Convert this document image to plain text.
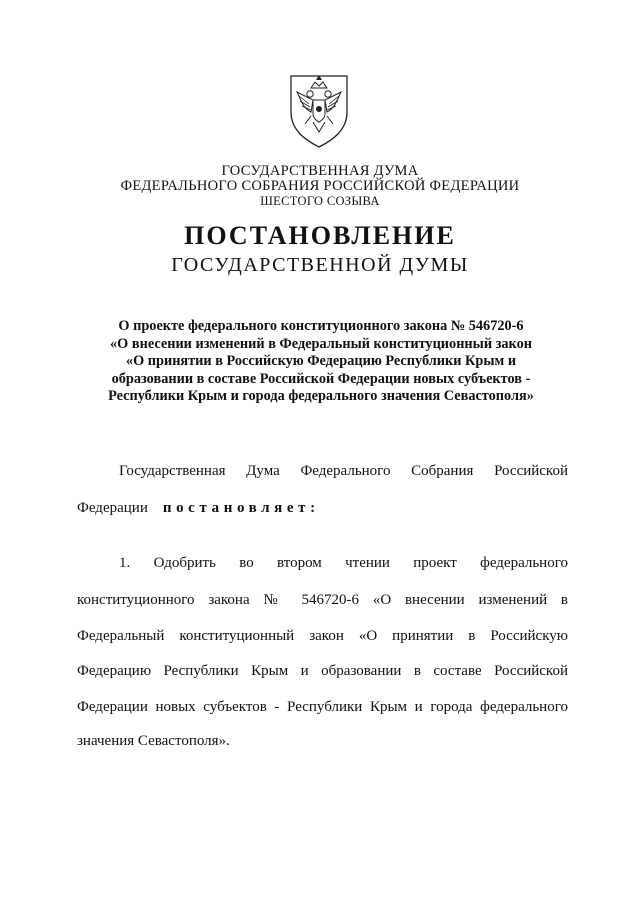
ГОСУДАРСТВЕННАЯ ДУМА
ФЕДЕРАЛЬНОГО СОБРАНИЯ РОССИЙСКОЙ ФЕДЕРАЦИИ
ШЕСТОГО СОЗЫВА
ПОСТАНОВЛЕНИЕ
ГОСУДАРСТВЕННОЙ ДУМЫ
О проекте федерального конституционного закона № 546720-6
«О внесении изменений в Федеральный конституционный закон
«О принятии в Российскую Федерацию Республики Крым и
образовании в составе Российской Федерации новых субъектов -
Республики Крым и города федерального значения Севастополя»
Государственная Дума Федерального Собрания Российской
Федерации постановляет:
1. Одобрить во втором чтении проект федерального
конституционного закона № 546720-6 «О внесении изменений в
Федеральный конституционный закон «О принятии в Российскую
Федерацию Республики Крым и образовании в составе Российской
Федерации новых субъектов - Республики Крым и города федерального
значения Севастополя».
